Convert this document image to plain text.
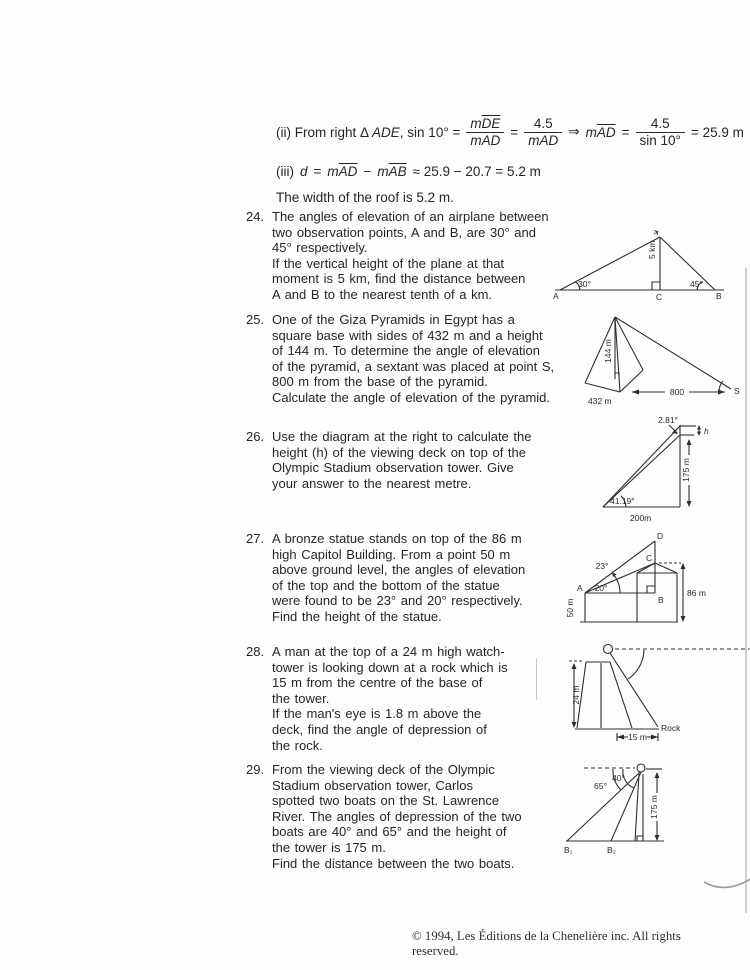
(ii) From right Δ ADE, $\sin 10^\circ = \frac{m\overline{DE}}{m\overline{AD}} = \frac{4.5}{m\overline{AD}}$ ⇒ $m\overline{AD} = \frac{4.5}{\sin 10^\circ} = 25.9$ m
(iii) $d = m\overline{AD} - m\overline{AB} \approx 25.9 - 20.7 = 5.2$ m
The width of the roof is 5.2 m.
24. The angles of elevation of an airplane between
two observation points, A and B, are 30° and
45° respectively.
If the vertical height of the plane at that
moment is 5 km, find the distance between
A and B to the nearest tenth of a km.
25. One of the Giza Pyramids in Egypt has a
square base with sides of 432 m and a height
of 144 m. To determine the angle of elevation
of the pyramid, a sextant was placed at point S,
800 m from the base of the pyramid.
Calculate the angle of elevation of the pyramid.
26. Use the diagram at the right to calculate the
height (h) of the viewing deck on top of the
Olympic Stadium observation tower. Give
your answer to the nearest metre.
27. A bronze statue stands on top of the 86 m
high Capitol Building. From a point 50 m
above ground level, the angles of elevation
of the top and the bottom of the statue
were found to be 23° and 20° respectively.
Find the height of the statue.
28. A man at the top of a 24 m high watch-
tower is looking down at a rock which is
15 m from the centre of the base of
the tower.
If the man's eye is 1.8 m above the
deck, find the angle of depression of
the rock.
29. From the viewing deck of the Olympic
Stadium observation tower, Carlos
spotted two boats on the St. Lawrence
River. The angles of depression of the two
boats are 40° and 65° and the height of
the tower is 175 m.
Find the distance between the two boats.
✈
30°	45°
5 km
A	C	B
800
144 m
432 m
S
h
175 m
2.81°
41.19°
200m
23°
20°	86 m
50 m
A
D
C
B
24 m
15 m
Rock
40°
65°
175 m
B₁	B₂
© 1994, Les Éditions de la Chenelière inc. All rights reserved.
